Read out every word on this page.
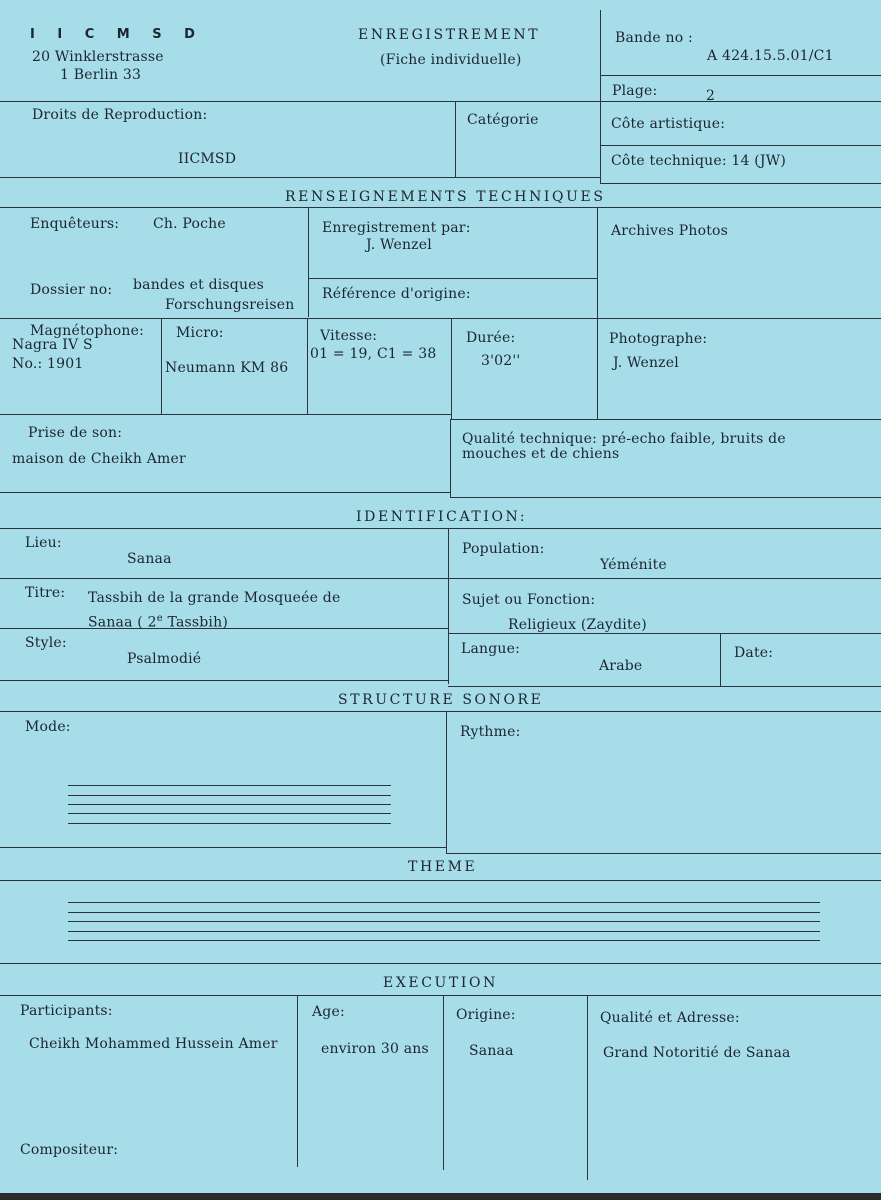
I I C M S D
20 Winklerstrasse
1 Berlin 33
ENREGISTREMENT
(Fiche individuelle)
Bande no :
A 424.15.5.01/C1
Plage:	2
Droits de Reproduction:
IICMSD
Catégorie	Côte artistique:
Côte technique: 14 (JW)
RENSEIGNEMENTS TECHNIQUES
Enquêteurs: Ch. Poche	Enregistrement par:
J. Wenzel
Archives Photos
Dossier no: bandes et disques
Forschungsreisen
Référence d'origine:
Magnétophone:
Nagra IV S
No.: 1901
Micro:
Neumann KM 86
Vitesse:
01 = 19, C1 = 38
Durée:
3'02''
Photographe:
J. Wenzel
Prise de son:
maison de Cheikh Amer
Qualité technique: pré-echo faible, bruits de
mouches et de chiens
IDENTIFICATION:
Lieu:
Sanaa
Population:
Yéménite
Titre: Tassbih de la grande Mosqueée de
Sanaa ( 2e Tassbih)
Sujet ou Fonction:
Religieux (Zaydite)
Style:
Psalmodié
Langue:
Arabe
Date:
STRUCTURE SONORE
Mode:	Rythme:
THEME
EXECUTION
Participants:
Cheikh Mohammed Hussein Amer
Age:
environ 30 ans
Origine:
Sanaa
Qualité et Adresse:
Grand Notoritié de Sanaa
Compositeur:
